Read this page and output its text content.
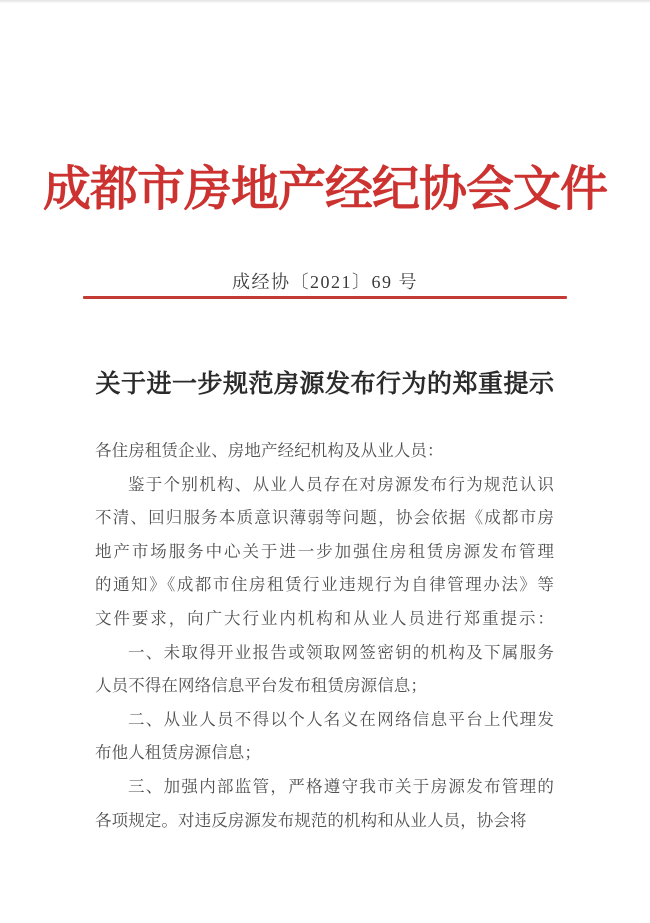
成都市房地产经纪协会文件
成经协〔2021〕69 号
关于进一步规范房源发布行为的郑重提示
各住房租赁企业、房地产经纪机构及从业人员：
鉴于个别机构、从业人员存在对房源发布行为规范认识
不清、回归服务本质意识薄弱等问题，协会依据《成都市房
地产市场服务中心关于进一步加强住房租赁房源发布管理
的通知》《成都市住房租赁行业违规行为自律管理办法》等
文件要求，向广大行业内机构和从业人员进行郑重提示：
一、未取得开业报告或领取网签密钥的机构及下属服务
人员不得在网络信息平台发布租赁房源信息；
二、从业人员不得以个人名义在网络信息平台上代理发
布他人租赁房源信息；
三、加强内部监管，严格遵守我市关于房源发布管理的
各项规定。对违反房源发布规范的机构和从业人员，协会将
